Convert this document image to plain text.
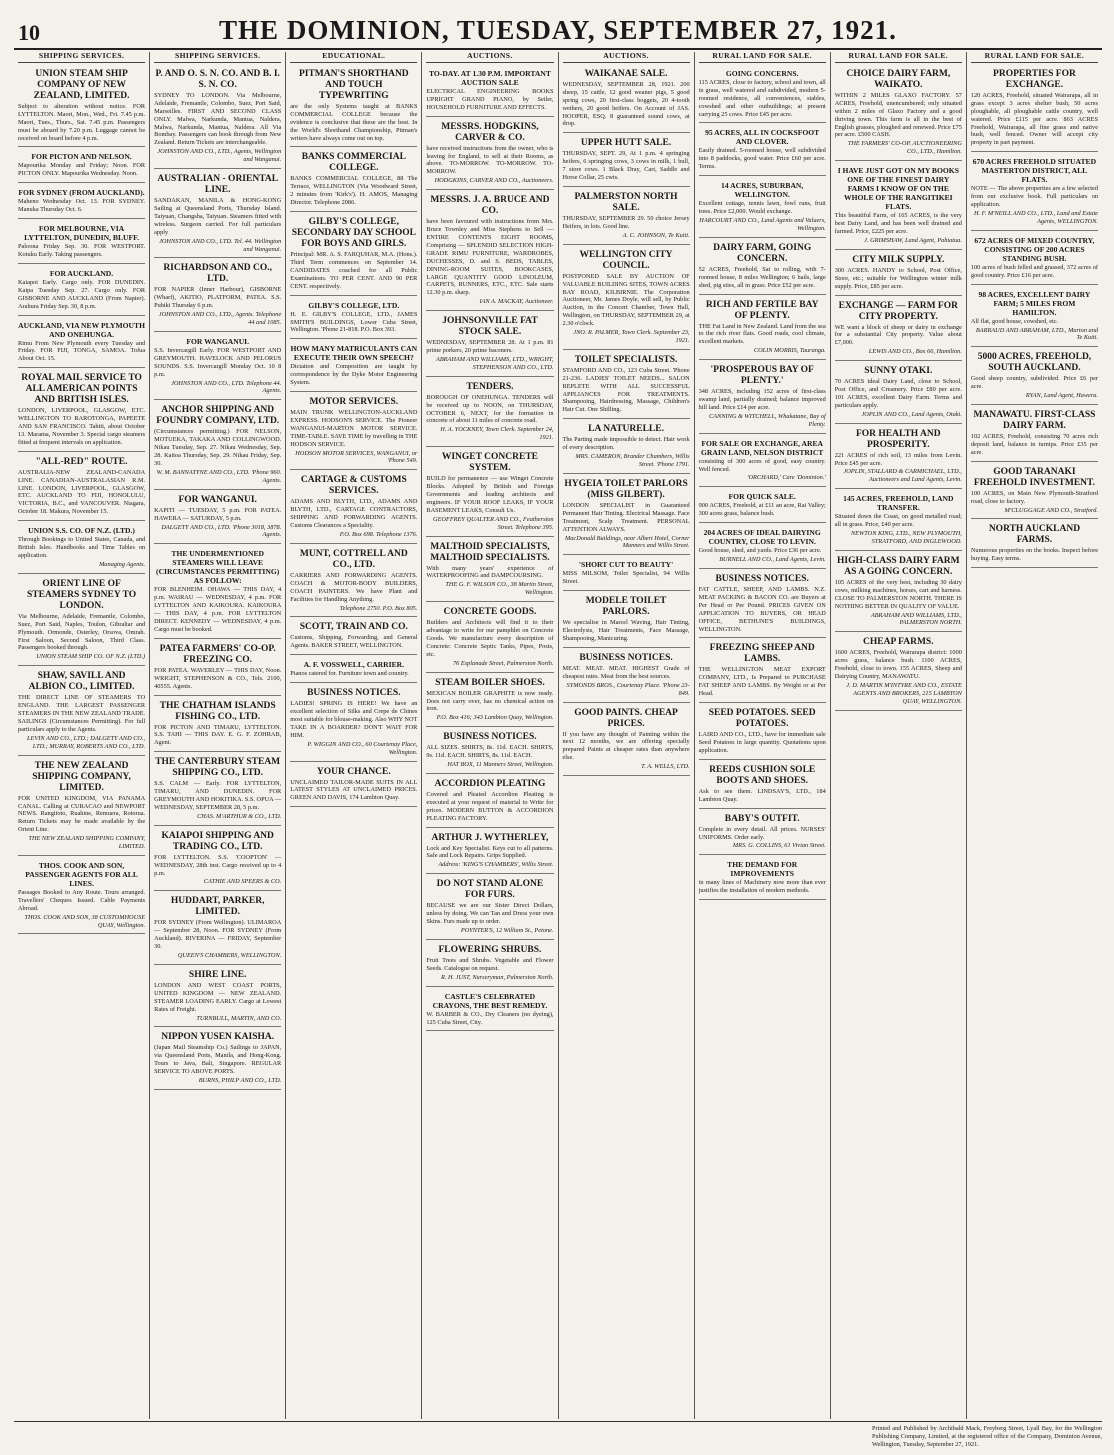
10	THE DOMINION, TUESDAY, SEPTEMBER 27, 1921.
SHIPPING SERVICES.
UNION STEAM SHIP COMPANY OF NEW ZEALAND, LIMITED.
Subject to alteration without notice. FOR LYTTELTON. Maori, Mon., Wed., Fri. 7.45 p.m. Maori, Tues., Thurs., Sat. 7.45 p.m. Passengers must be aboard by 7.20 p.m. Luggage cannot be received on board before 4 p.m.
FOR PICTON AND NELSON.
Mapourika Monday and Friday; Noon. FOR PICTON ONLY. Mapourika Wednesday. Noon.
FOR SYDNEY (FROM AUCKLAND).
Maheno Wednesday Oct. 13. FOR SYDNEY. Manuka Thursday Oct. 6.
FOR MELBOURNE, VIA LYTTELTON, DUNEDIN, BLUFF.
Paloona Friday Sep. 30. FOR WESTPORT. Kotuku Early. Taking passengers.
FOR AUCKLAND.
Kaiapoi Early. Cargo only. FOR DUNEDIN. Kaipa Tuesday Sep. 27. Cargo only. FOR GISBORNE AND AUCKLAND (From Napier). Arahura Friday Sep. 30, 8 p.m.
AUCKLAND, VIA NEW PLYMOUTH AND ONEHUNGA.
Rimu From New Plymouth every Tuesday and Friday. FOR FIJI, TONGA, SAMOA. Tofua About Oct. 15.
ROYAL MAIL SERVICE TO ALL AMERICAN POINTS AND BRITISH ISLES.
LONDON, LIVERPOOL, GLASGOW, ETC. WELLINGTON TO RAROTONGA, PAPEETE AND SAN FRANCISCO. Tahiti, about October 13. Marama, November 3. Special cargo steamers fitted at frequent intervals on application.
"ALL-RED" ROUTE.
AUSTRALIA-NEW ZEALAND-CANADA LINE. CANADIAN-AUSTRALASIAN R.M. LINE. LONDON, LIVERPOOL, GLASGOW, ETC. AUCKLAND TO FIJI, HONOLULU, VICTORIA, B.C., and VANCOUVER. Niagara, October 18. Makura, November 15.
UNION S.S. CO. OF N.Z. (LTD.)
Through Bookings to United States, Canada, and British Isles. Handbooks and Time Tables on application.
Managing Agents.
ORIENT LINE OF STEAMERS SYDNEY TO LONDON.
Via Melbourne, Adelaide, Fremantle, Colombo, Suez, Port Said, Naples, Toulon, Gibraltar and Plymouth. Ormonde, Osterley, Orsova, Omrah. First Saloon, Second Saloon, Third Class. Passengers booked through.
UNION STEAM SHIP CO. OF N.Z. (LTD.)
SHAW, SAVILL AND ALBION CO., LIMITED.
THE DIRECT LINE OF STEAMERS TO ENGLAND. THE LARGEST PASSENGER STEAMERS IN THE NEW ZEALAND TRADE. SAILINGS (Circumstances Permitting). For full particulars apply to the Agents.
LEVIN AND CO., LTD.; DALGETY AND CO., LTD.; MURRAY, ROBERTS AND CO., LTD.
THE NEW ZEALAND SHIPPING COMPANY, LIMITED.
FOR UNITED KINGDOM, VIA PANAMA CANAL. Calling at CURACAO and NEWPORT NEWS. Rangitoto, Ruahine, Remuera, Rotorua. Return Tickets may be made available by the Orient Line.
THE NEW ZEALAND SHIPPING COMPANY, LIMITED.
THOS. COOK AND SON, PASSENGER AGENTS FOR ALL LINES.
Passages Booked to Any Route. Tours arranged. Travellers' Cheques Issued. Cable Payments Abroad.
THOS. COOK AND SON, 38 CUSTOMHOUSE QUAY, Wellington.
SHIPPING SERVICES.
P. AND O. S. N. CO. AND B. I. S. N. CO.
SYDNEY TO LONDON. Via Melbourne, Adelaide, Fremantle, Colombo, Suez, Port Said, Marseilles. FIRST AND SECOND CLASS ONLY. Malwa, Narkunda, Mantua, Naldera, Malwa, Narkunda, Mantua, Naldera. All Via Bombay. Passengers can book through from New Zealand. Return Tickets are interchangeable.
JOHNSTON AND CO., LTD., Agents, Wellington and Wanganui.
AUSTRALIAN - ORIENTAL LINE.
SANDAKAN, MANILA & HONG-KONG Sailing at Queensland Ports, Thursday Island. Taiyuan, Changsha, Taiyuan. Steamers fitted with wireless. Surgeon carried. For full particulars apply
JOHNSTON AND CO., LTD. Tel. 44. Wellington and Wanganui.
RICHARDSON AND CO., LTD.
FOR NAPIER (Inner Harbour), GISBORNE (Wharf), AKITIO, PLATFORM, PATEA. S.S. Puhiki Thursday 6 p.m.
JOHNSTON AND CO., LTD., Agents. Telephone 44 and 1085.
FOR WANGANUI.
S.S. Invercargill Early. FOR WESTPORT AND GREYMOUTH. HAVELOCK AND PELORUS SOUNDS. S.S. Invercargill Monday Oct. 10 8 p.m.
JOHNSTON AND CO., LTD. Telephone 44. Agents.
ANCHOR SHIPPING AND FOUNDRY COMPANY, LTD.
(Circumstances permitting.) FOR NELSON, MOTUEKA, TAKAKA AND COLLINGWOOD. Nikau Tuesday, Sep. 27. Nikau Wednesday, Sep. 28. Kaitoa Thursday, Sep. 29. Nikau Friday, Sep. 30.
W. M. BANNATYNE AND CO., LTD. 'Phone 960. Agents.
FOR WANGANUI.
KAPITI — TUESDAY, 5 p.m. FOR PATEA. HAWERA — SATURDAY, 5 p.m.
DALGETY AND CO., LTD. 'Phone 3018, 3878. Agents.
THE UNDERMENTIONED STEAMERS WILL LEAVE (CIRCUMSTANCES PERMITTING) AS FOLLOW:
FOR BLENHEIM. OHAWA — THIS DAY, 4 p.m. WAIRAU — WEDNESDAY, 4 p.m. FOR LYTTELTON AND KAIKOURA. KAIKOURA — THIS DAY, 4 p.m. FOR LYTTELTON DIRECT. KENNEDY — WEDNESDAY, 4 p.m. Cargo must be booked.
PATEA FARMERS' CO-OP. FREEZING CO.
FOR PATEA. WAVERLEY — THIS DAY, Noon. WRIGHT, STEPHENSON & CO., Tels. 2100, 40555. Agents.
THE CHATHAM ISLANDS FISHING CO., LTD.
FOR PICTON AND TIMARU, LYTTELTON. S.S. TAHI — THIS DAY. E. G. F. ZOHRAB, Agent.
THE CANTERBURY STEAM SHIPPING CO., LTD.
S.S. CALM — Early. FOR LYTTELTON, TIMARU, AND DUNEDIN. FOR GREYMOUTH AND HOKITIKA. S.S. OPUA — WEDNESDAY, SEPTEMBER 28, 5 p.m.
CHAS. M'ARTHUR & CO., LTD.
KAIAPOI SHIPPING AND TRADING CO., LTD.
FOR LYTTELTON. S.S. 'COOPTON' — WEDNESDAY, 28th inst. Cargo received up to 4 p.m.
CATHIE AND SPEERS & CO.
HUDDART, PARKER, LIMITED.
FOR SYDNEY (From Wellington). ULIMAROA — September 28, Noon. FOR SYDNEY (From Auckland). RIVERINA — FRIDAY, September 30.
QUEEN'S CHAMBERS, WELLINGTON.
SHIRE LINE.
LONDON AND WEST COAST PORTS, UNITED KINGDOM — NEW ZEALAND. STEAMER LOADING EARLY. Cargo at Lowest Rates of Freight.
TURNBULL, MARTIN, AND CO.
NIPPON YUSEN KAISHA.
(Japan Mail Steamship Co.) Sailings to JAPAN, via Queensland Ports, Manila, and Hong-Kong. Tours to Java, Bali, Singapore. REGULAR SERVICE TO ABOVE PORTS.
BURNS, PHILP AND CO., LTD.
EDUCATIONAL.
PITMAN'S SHORTHAND AND TOUCH TYPEWRITING
are the only Systems taught at BANKS COMMERCIAL COLLEGE because the evidence is conclusive that these are the best. In the World's Shorthand Championship, Pitman's writers have always come out on top.
BANKS COMMERCIAL COLLEGE.
BANKS COMMERCIAL COLLEGE, 88 The Terrace, WELLINGTON (Via Woodward Street, 2 minutes from 'Kirk's'). H. AMOS, Managing Director. Telephone 2086.
GILBY'S COLLEGE, SECONDARY DAY SCHOOL FOR BOYS AND GIRLS.
Principal: MR. A. S. FARQUHAR, M.A. (Hons.). Third Term commences on September 14. CANDIDATES coached for all Public Examinations. TO PER CENT. AND 90 PER CENT. respectively.
GILBY'S COLLEGE, LTD.
H. E. GILBY'S COLLEGE, LTD., JAMES SMITH'S BUILDINGS, Lower Cuba Street, Wellington. 'Phone 21-818. P.O. Box 393.
HOW MANY MATRICULANTS CAN EXECUTE THEIR OWN SPEECH?
Dictation and Composition are taught by correspondence by the Dyke Motor Engineering System.
MOTOR SERVICES.
MAIN TRUNK WELLINGTON-AUCKLAND EXPRESS. HODSON'S SERVICE. The Pioneer WANGANUI-MARTON MOTOR SERVICE. TIME-TABLE. SAVE TIME by travelling in THE HODSON SERVICE.
HODSON MOTOR SERVICES, WANGANUI, or 'Phone 549.
CARTAGE & CUSTOMS SERVICES.
ADAMS AND BLYTH, LTD., ADAMS AND BLYTH, LTD., CARTAGE CONTRACTORS, SHIPPING AND FORWARDING AGENTS. Customs Clearances a Speciality.
P.O. Box 698. Telephone 1376.
MUNT, COTTRELL AND CO., LTD.
CARRIERS AND FORWARDING AGENTS. COACH & MOTOR-BODY BUILDERS, COACH PAINTERS. We have Plant and Facilities for Handling Anything.
Telephone 2750. P.O. Box 805.
SCOTT, TRAIN AND CO.
Customs, Shipping, Forwarding, and General Agents. BAKER STREET, WELLINGTON.
A. F. VOSSWELL, CARRIER.
Pianos catered for. Furniture town and country.
BUSINESS NOTICES.
LADIES! SPRING IS HERE! We have an excellent selection of Silks and Crepe de Chines most suitable for blouse-making. Also WHY NOT TAKE IN A BOARDER? DON'T WAIT FOR HIM.
P. WIGGIN AND CO., 60 Courtenay Place, Wellington.
YOUR CHANCE.
UNCLAIMED TAILOR-MADE SUITS IN ALL LATEST STYLES AT UNCLAIMED PRICES. GREEN AND DAVIS, 174 Lambton Quay.
AUCTIONS.
TO-DAY. AT 1.30 P.M. IMPORTANT AUCTION SALE
ELECTRICAL ENGINEERING BOOKS UPRIGHT GRAND PIANO, by Seiler, HOUSEHOLD FURNITURE AND EFFECTS.
MESSRS. HODGKINS, CARVER & CO.
have received instructions from the owner, who is leaving for England, to sell at their Rooms, as above. TO-MORROW. TO-MORROW. TO-MORROW.
HODGKINS, CARVER AND CO., Auctioneers.
MESSRS. J. A. BRUCE AND CO.
have been favoured with instructions from Mrs. Bruce Townley and Miss Stephens to Sell — ENTIRE CONTENTS EIGHT ROOMS, Comprising — SPLENDID SELECTION HIGH-GRADE RIMU FURNITURE, WARDROBES, DUCHESSES, D. and S. BEDS, TABLES, DINING-ROOM SUITES, BOOKCASES, LARGE QUANTITY GOOD LINOLEUM, CARPETS, RUNNERS, ETC., ETC. Sale starts 12.30 p.m. sharp.
IAN A. MACKAY, Auctioneer.
JOHNSONVILLE FAT STOCK SALE.
WEDNESDAY, SEPTEMBER 28. At 1 p.m. 81 prime porkers, 20 prime baconers.
ABRAHAM AND WILLIAMS, LTD., WRIGHT, STEPHENSON AND CO., LTD.
TENDERS.
BOROUGH OF ONEHUNGA. TENDERS will be received up to NOON, on THURSDAY, OCTOBER 6, NEXT, for the formation in concrete of about 11 miles of concrete road.
H. A. YOCKNEY, Town Clerk. September 24, 1921.
WINGET CONCRETE SYSTEM.
BUILD for permanence — use Winget Concrete Blocks. Adopted by British and Foreign Governments and leading architects and engineers. IF YOUR ROOF LEAKS, IF YOUR BASEMENT LEAKS, Consult Us.
GEOFFREY QUALTER AND CO., Featherston Street. Telephone 395.
MALTHOID SPECIALISTS, MALTHOID SPECIALISTS.
With many years' experience of WATERPROOFING and DAMPCOURSING.
THE G. F. WILSON CO., 38 Martin Street, Wellington.
CONCRETE GOODS.
Builders and Architects will find it to their advantage to write for our pamphlet on Concrete Goods. We manufacture every description of Concrete: Concrete Septic Tanks, Pipes, Posts, etc.
76 Esplanade Street, Palmerston North.
STEAM BOILER SHOES.
MEXICAN BOILER GRAPHITE is now ready. Does not carry over, has no chemical action on iron.
P.O. Box 416; 343 Lambton Quay, Wellington.
BUSINESS NOTICES.
ALL SIZES. SHIRTS, 8s. 11d. EACH. SHIRTS, 9s. 11d. EACH. SHIRTS, 8s. 11d. EACH.
HAT BOX, 11 Manners Street, Wellington.
ACCORDION PLEATING
Covered and Pleated Accordion Pleating is executed at your request of material to Write for prices. MODERN BUTTON & ACCORDION PLEATING FACTORY.
ARTHUR J. WYTHERLEY,
Lock and Key Specialist. Keys cut to all patterns. Safe and Lock Repairs. Grips Supplied.
Address: 'KING'S CHAMBERS', Willis Street.
DO NOT STAND ALONE FOR FURS.
BECAUSE we are our Sister Direct Dollars, unless by doing. We can Tan and Dress your own Skins. Furs made up to order.
POYNTER'S, 12 William St., Petone.
FLOWERING SHRUBS.
Fruit Trees and Shrubs. Vegetable and Flower Seeds. Catalogue on request.
R. H. JUST, Nurseryman, Palmerston North.
CASTLE'S CELEBRATED CRAYONS, THE BEST REMEDY.
W. BARBER & CO., Dry Cleaners (no dyeing), 125 Cuba Street, City.
AUCTIONS.
WAIKANAE SALE.
WEDNESDAY, SEPTEMBER 28, 1921. 200 sheep, 15 cattle, 12 good weaner pigs, 5 good spring cows, 20 first-class hoggets, 20 4-tooth wethers, 20 good heifers. On Account of JAS. HOOPER, ESQ. 8 guaranteed sound cows, at drop.
UPPER HUTT SALE.
THURSDAY, SEPT. 29, At 1 p.m. 4 springing heifers, 6 springing cows, 3 cows in milk, 1 bull, 7 store cows. 1 Black Dray, Cart, Saddle and Horse Collar, 25 cwts.
PALMERSTON NORTH SALE.
THURSDAY, SEPTEMBER 29. 50 choice Jersey Heifers, in lots. Good line.
A. C. JOHNSON, Te Kuiti.
WELLINGTON CITY COUNCIL.
POSTPONED SALE BY AUCTION OF VALUABLE BUILDING SITES, TOWN ACRES BAY ROAD, KILBIRNIE. The Corporation Auctioneer, Mr. James Doyle, will sell, by Public Auction, in the Concert Chamber, Town Hall, Wellington, on THURSDAY, SEPTEMBER 29, at 2.30 o'clock.
JNO. R. PALMER, Town Clerk. September 23, 1921.
TOILET SPECIALISTS.
STAMFORD AND CO., 123 Cuba Street. 'Phone 21-236. LADIES' TOILET NEEDS... SALON REPLETE WITH ALL SUCCESSFUL APPLIANCES FOR TREATMENTS. Shampooing, Hairdressing, Massage, Children's Hair Cut. One Shilling.
LA NATURELLE.
The Parting made impossible to detect. Hair work of every description.
MRS. CAMERON, Brander Chambers, Willis Street. 'Phone 1791.
HYGEIA TOILET PARLORS (MISS GILBERT).
LONDON SPECIALIST in Guaranteed Permanent Hair Tinting. Electrical Massage. Face Treatment, Scalp Treatment. PERSONAL ATTENTION ALWAYS.
MacDonald Buildings, near Albert Hotel, Corner Manners and Willis Street.
'SHORT CUT TO BEAUTY'
MISS MILSOM, Toilet Specialist, 94 Willis Street.
MODELE TOILET PARLORS.
We specialise in Marcel Waving, Hair Tinting, Electrolysis, Hair Treatments, Face Massage, Shampooing, Manicuring.
BUSINESS NOTICES.
MEAT. MEAT. MEAT. HIGHEST Grade of cheapest rates. Meat from the best sources.
SYMONDS BROS., Courtenay Place. 'Phone 23-849.
GOOD PAINTS. CHEAP PRICES.
If you have any thought of Painting within the next 12 months, we are offering specially prepared Paints at cheaper rates than anywhere else.
T. A. WELLS, LTD.
RURAL LAND FOR SALE.
GOING CONCERNS.
115 ACRES, close to factory, school and town, all in grass, well watered and subdivided, modern 5-roomed residence, all conveniences, stables, cowshed and other outbuildings; at present carrying 25 cows. Price £45 per acre.
95 ACRES, ALL IN COCKSFOOT AND CLOVER.
Easily drained. 5-roomed house, well subdivided into 8 paddocks, good water. Price £60 per acre. Terms.
14 ACRES, SUBURBAN, WELLINGTON.
Excellent cottage, tennis lawn, fowl runs, fruit trees. Price £2,000. Would exchange.
HARCOURT AND CO., Land Agents and Valuers, Wellington.
DAIRY FARM, GOING CONCERN.
52 ACRES, Freehold, Sat to rolling, with 7-roomed house, 8 miles Wellington; 6 bails, large shed, pig sties, all in grass. Price £52 per acre.
RICH AND FERTILE BAY OF PLENTY.
THE Fat Land in New Zealand. Land from the sea to the rich river flats. Good roads, cool climate, excellent markets.
COLIN MORRIS, Tauranga.
'PROSPEROUS BAY OF PLENTY.'
348 ACRES, including 152 acres of first-class swamp land, partially drained; balance improved hill land. Price £14 per acre.
CANNING & WITCHELL, Whakatane, Bay of Plenty.
FOR SALE OR EXCHANGE, AREA GRAIN LAND, NELSON DISTRICT
consisting of 300 acres of good, easy country. Well fenced.
'ORCHARD,' Care 'Dominion.'
FOR QUICK SALE.
900 ACRES, Freehold, at £11 an acre, Rai Valley; 300 acres grass, balance bush.
204 ACRES OF IDEAL DAIRYING COUNTRY, CLOSE TO LEVIN.
Good house, shed, and yards. Price £36 per acre.
BURNELL AND CO., Land Agents, Levin.
BUSINESS NOTICES.
FAT CATTLE, SHEEP, AND LAMBS. N.Z. MEAT PACKING & BACON CO. are Buyers at Per Head or Per Pound. PRICES GIVEN ON APPLICATION TO BUYERS, OR HEAD OFFICE, BETHUNE'S BUILDINGS, WELLINGTON.
FREEZING SHEEP AND LAMBS.
THE WELLINGTON MEAT EXPORT COMPANY, LTD., Is Prepared to PURCHASE FAT SHEEP AND LAMBS. By Weight or at Per Head.
SEED POTATOES. SEED POTATOES.
LAIRD AND CO., LTD., have for immediate sale Seed Potatoes in large quantity. Quotations upon application.
REEDS CUSHION SOLE BOOTS AND SHOES.
Ask to see them. LINDSAY'S, LTD., 184 Lambton Quay.
BABY'S OUTFIT.
Complete in every detail. All prices. NURSES' UNIFORMS. Order early.
MRS. G. COLLINS, 61 Vivian Street.
THE DEMAND FOR IMPROVEMENTS
in many lines of Machinery now more than ever justifies the installation of modern methods.
RURAL LAND FOR SALE.
CHOICE DAIRY FARM, WAIKATO.
WITHIN 2 MILES GLAXO FACTORY. 57 ACRES, Freehold, unencumbered; only situated within 2 miles of Glaxo Factory and a good thriving town. This farm is all in the best of English grasses, ploughed and renewed. Price £75 per acre. £500 CASH.
THE FARMERS' CO-OP. AUCTIONEERING CO., LTD., Hamilton.
I HAVE JUST GOT ON MY BOOKS ONE OF THE FINEST DAIRY FARMS I KNOW OF ON THE WHOLE OF THE RANGITIKEI FLATS.
This beautiful Farm, of 165 ACRES, is the very best Dairy Land, and has been well drained and farmed. Price, £225 per acre.
J. GRIMSHAW, Land Agent, Pahiatua.
CITY MILK SUPPLY.
300 ACRES. HANDY to School, Post Office, Store, etc.; suitable for Wellington winter milk supply. Price, £85 per acre.
EXCHANGE — FARM FOR CITY PROPERTY.
WE want a block of sheep or dairy in exchange for a substantial City property. Value about £7,000.
LEWIS AND CO., Box 66, Hamilton.
SUNNY OTAKI.
70 ACRES ideal Dairy Land, close to School, Post Office, and Creamery. Price £80 per acre. 101 ACRES, excellent Dairy Farm. Terms and particulars apply.
JOPLIN AND CO., Land Agents, Otaki.
FOR HEALTH AND PROSPERITY.
221 ACRES of rich soil, 13 miles from Levin. Price £45 per acre.
JOPLIN, STALLARD & CARMICHAEL, LTD., Auctioneers and Land Agents, Levin.
145 ACRES, FREEHOLD, LAND TRANSFER.
Situated down the Coast, on good metalled road; all in grass. Price, £40 per acre.
NEWTON KING, LTD., NEW PLYMOUTH, STRATFORD, AND INGLEWOOD.
HIGH-CLASS DAIRY FARM AS A GOING CONCERN.
105 ACRES of the very best, including 30 dairy cows, milking machines, horses, cart and harness. CLOSE TO PALMERSTON NORTH. THERE IS NOTHING BETTER IN QUALITY OF VALUE.
ABRAHAM AND WILLIAMS, LTD., PALMERSTON NORTH.
CHEAP FARMS.
1600 ACRES, Freehold, Wairarapa district: 1000 acres grass, balance bush. 1100 ACRES, Freehold, close to town. 155 ACRES, Sheep and Dairying Country, MANAWATU.
J. D. MARTIN M'INTYRE AND CO., ESTATE AGENTS AND BROKERS, 215 LAMBTON QUAY, WELLINGTON.
RURAL LAND FOR SALE.
PROPERTIES FOR EXCHANGE.
120 ACRES, Freehold, situated Wairarapa, all in grass except 3 acres shelter bush, 50 acres ploughable, all ploughable cattle country, well watered. Price £115 per acre. 863 ACRES Freehold, Wairarapa, all fine grass and native bush, well fenced. Owner will accept city property in part payment.
670 ACRES FREEHOLD SITUATED MASTERTON DISTRICT, ALL FLATS.
NOTE — The above properties are a few selected from our exclusive book. Full particulars on application.
H. F. M'NEILL AND CO., LTD., Land and Estate Agents, WELLINGTON.
672 ACRES OF MIXED COUNTRY, CONSISTING OF 200 ACRES STANDING BUSH.
100 acres of bush felled and grassed, 372 acres of good country. Price £16 per acre.
98 ACRES, EXCELLENT DAIRY FARM; 5 MILES FROM HAMILTON.
All flat, good house, cowshed, etc.
BARRAUD AND ABRAHAM, LTD., Marton and Te Kuiti.
5000 ACRES, FREEHOLD, SOUTH AUCKLAND.
Good sheep country, subdivided. Price £6 per acre.
RYAN, Land Agent, Hawera.
MANAWATU. FIRST-CLASS DAIRY FARM.
102 ACRES, Freehold, consisting 70 acres rich deposit land, balance in turnips. Price £35 per acre.
GOOD TARANAKI FREEHOLD INVESTMENT.
100 ACRES, on Main New Plymouth-Stratford road, close to factory.
M'CLUGGAGE AND CO., Stratford.
NORTH AUCKLAND FARMS.
Numerous properties on the books. Inspect before buying. Easy terms.
Printed and Published by Archibald Mack, Freyberg Street, Lyall Bay, for the Wellington Publishing Company, Limited, at the registered office of the Company, Dominion Avenue, Wellington, Tuesday, September 27, 1921.
